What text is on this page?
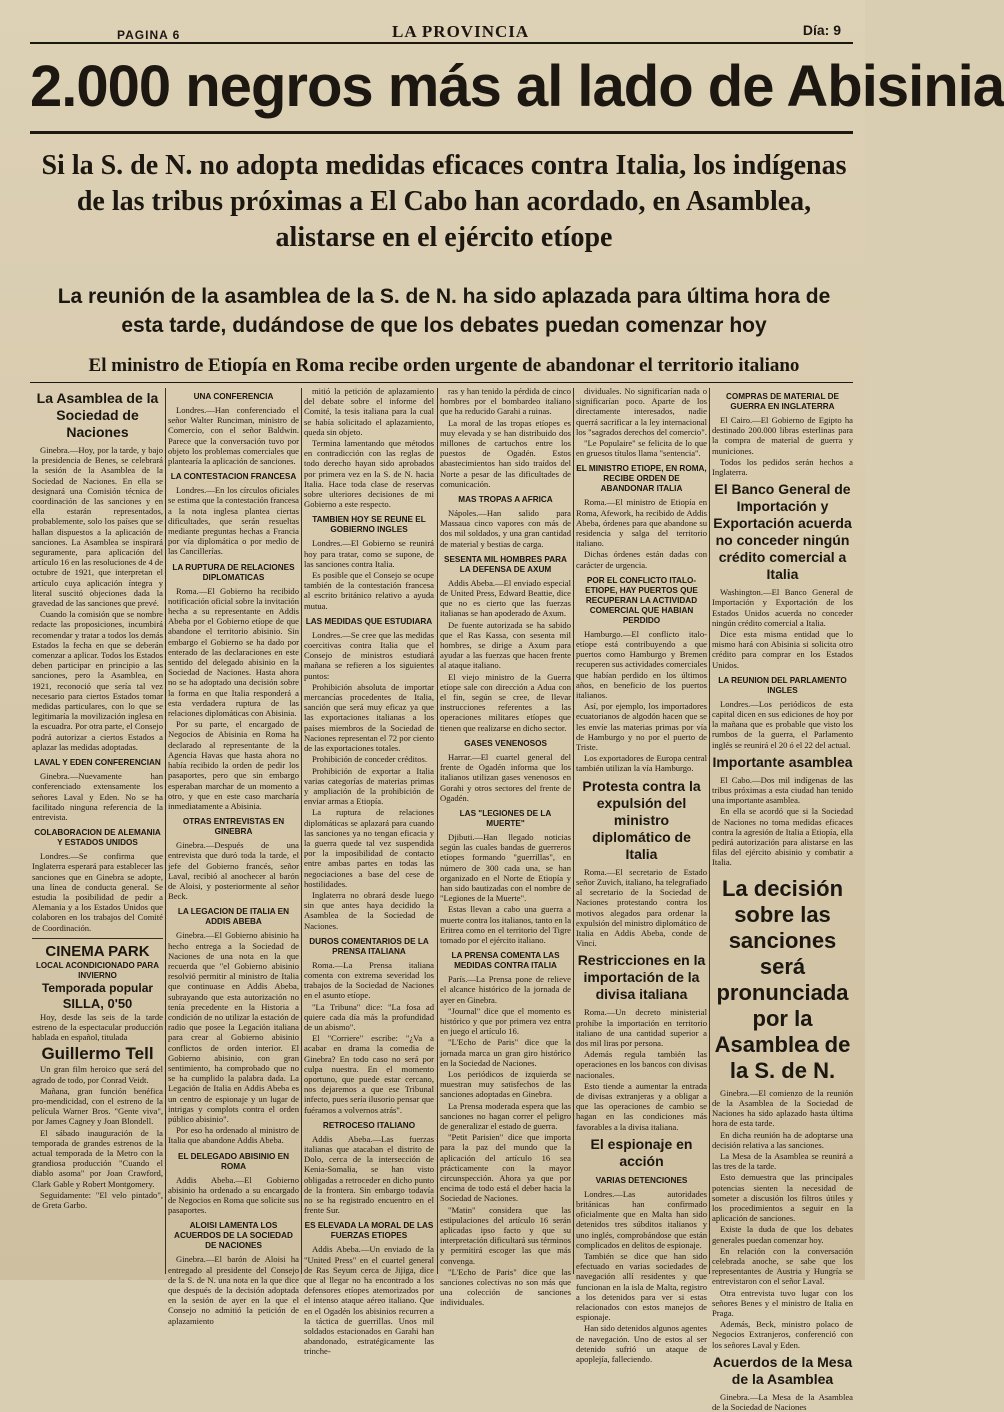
PAGINA 6	LA PROVINCIA	Día: 9
2.000 negros más al lado de Abisinia
Si la S. de N. no adopta medidas eficaces contra Italia, los indígenas de las tribus próximas a El Cabo han acordado, en Asamblea, alistarse en el ejército etíope
La reunión de la asamblea de la S. de N. ha sido aplazada para última hora de esta tarde, dudándose de que los debates puedan comenzar hoy
El ministro de Etiopía en Roma recibe orden urgente de abandonar el territorio italiano
La Asamblea de la Sociedad de Naciones

Ginebra.—Hoy, por la tarde, y bajo la presidencia de Benes, se celebrará la sesión de la Asamblea de la Sociedad de Naciones. En ella se designará una Comisión técnica de coordinación de las sanciones y en ella estarán representados, probablemente, solo los países que se hallan dispuestos a la aplicación de sanciones. La Asamblea se inspirará seguramente, para aplicación del artículo 16 en las resoluciones de 4 de octubre de 1921, que interpretan el artículo cuya aplicación íntegra y literal suscitó objeciones dada la gravedad de las sanciones que prevé.

Cuando la comisión que se nombre redacte las proposiciones, incumbirá recomendar y tratar a todos los demás Estados la fecha en que se deberán comenzar a aplicar. Todos los Estados deben participar en principio a las sanciones, pero la Asamblea, en 1921, reconoció que sería tal vez necesario para ciertos Estados tomar medidas particulares, con lo que se legitimaría la movilización inglesa en la escuadra. Por otra parte, el Consejo podrá autorizar a ciertos Estados a aplazar las medidas adoptadas.

LAVAL Y EDEN CONFERENCIAN

Ginebra.—Nuevamente han conferenciado extensamente los señores Laval y Eden. No se ha facilitado ninguna referencia de la entrevista.

COLABORACION DE ALEMANIA Y ESTADOS UNIDOS

Londres.—Se confirma que Inglaterra esperará para establecer las sanciones que en Ginebra se adopte, una línea de conducta general. Se estudia la posibilidad de pedir a Alemania y a los Estados Unidos que colaboren en los trabajos del Comité de Coordinación.

CINEMA PARK
LOCAL ACONDICIONADO PARA INVIERNO
Temporada popular
SILLA, 0'50

Hoy, desde las seis de la tarde estreno de la espectacular producción hablada en español, titulada

Guillermo Tell

Un gran film heroico que será del agrado de todo, por Conrad Veidt.

Mañana, gran función benéfica pro-mendicidad, con el estreno de la película Warner Bros. "Gente viva", por James Cagney y Joan Blondell.

El sábado inauguración de la temporada de grandes estrenos de la actual temporada de la Metro con la grandiosa producción "Cuando el diablo asoma" por Joan Crawford, Clark Gable y Robert Montgomery.

Seguidamente: "El velo pintado", de Greta Garbo.

UNA CONFERENCIA

Londres.—Han conferenciado el señor Walter Runciman, ministro de Comercio, con el señor Baldwin. Parece que la conversación tuvo por objeto los problemas comerciales que plantearía la aplicación de sanciones.

LA CONTESTACION FRANCESA

Londres.—En los círculos oficiales se estima que la contestación francesa a la nota inglesa plantea ciertas dificultades, que serán resueltas mediante preguntas hechas a Francia por vía diplomática o por medio de las Cancillerías.

LA RUPTURA DE RELACIONES DIPLOMATICAS

Roma.—El Gobierno ha recibido notificación oficial sobre la invitación hecha a su representante en Addis Abeba por el Gobierno etíope de que abandone el territorio abisinio. Sin embargo el Gobierno se ha dado por enterado de las declaraciones en este sentido del delegado abisinio en la Sociedad de Naciones. Hasta ahora no se ha adoptado una decisión sobre la forma en que Italia responderá a esta verdadera ruptura de las relaciones diplomáticas con Abisinia.

Por su parte, el encargado de Negocios de Abisinia en Roma ha declarado al representante de la Agencia Havas que hasta ahora no había recibido la orden de pedir los pasaportes, pero que sin embargo esperaban marchar de un momento a otro, y que en este caso marcharía inmediatamente a Abisinia.

OTRAS ENTREVISTAS EN GINEBRA

Ginebra.—Después de una entrevista que duró toda la tarde, el jefe del Gobierno francés, señor Laval, recibió al anochecer al barón de Aloisi, y posteriormente al señor Beck.

LA LEGACION DE ITALIA EN ADDIS ABEBA

Ginebra.—El Gobierno abisinio ha hecho entrega a la Sociedad de Naciones de una nota en la que recuerda que "el Gobierno abisinio resolvió permitir al ministro de Italia que continuase en Addis Abeba, subrayando que esta autorización no tenía precedente en la Historia a condición de no utilizar la estación de radio que posee la Legación italiana para crear al Gobierno abisinio conflictos de orden interior. El Gobierno abisinio, con gran sentimiento, ha comprobado que no se ha cumplido la palabra dada. La Legación de Italia en Addis Abeba es un centro de espionaje y un lugar de intrigas y complots contra el orden público abisinio".

Por eso ha ordenado al ministro de Italia que abandone Addis Abeba.

EL DELEGADO ABISINIO EN ROMA

Addis Abeba.—El Gobierno abisinio ha ordenado a su encargado de Negocios en Roma que solicite sus pasaportes.

ALOISI LAMENTA LOS ACUERDOS DE LA SOCIEDAD DE NACIONES

Ginebra.—El barón de Aloisi ha entregado al presidente del Consejo de la S. de N. una nota en la que dice que después de la decisión adoptada en la sesión de ayer en la que el Consejo no admitió la petición de aplazamiento

mitió la petición de aplazamiento del debate sobre el informe del Comité, la tesis italiana para la cual se había solicitado el aplazamiento, queda sin objeto.

Termina lamentando que métodos en contradicción con las reglas de todo derecho hayan sido aprobados por primera vez en la S. de N. hacia Italia. Hace toda clase de reservas sobre ulteriores decisiones de mi Gobierno a este respecto.

TAMBIEN HOY SE REUNE EL GOBIERNO INGLES

Londres.—El Gobierno se reunirá hoy para tratar, como se supone, de las sanciones contra Italia.

Es posible que el Consejo se ocupe también de la contestación francesa al escrito británico relativo a ayuda mutua.

LAS MEDIDAS QUE ESTUDIARA

Londres.—Se cree que las medidas coercitivas contra Italia que el Consejo de ministros estudiará mañana se refieren a los siguientes puntos:

Prohibición absoluta de importar mercancías procedentes de Italia, sanción que será muy eficaz ya que las exportaciones italianas a los países miembros de la Sociedad de Naciones representan el 72 por ciento de las exportaciones totales.

Prohibición de conceder créditos.

Prohibición de exportar a Italia varias categorías de materias primas y ampliación de la prohibición de enviar armas a Etiopía.

La ruptura de relaciones diplomáticas se aplazará para cuando las sanciones ya no tengan eficacia y la guerra quede tal vez suspendida por la imposibilidad de contacto entre ambas partes en todas las negociaciones a base del cese de hostilidades.

Inglaterra no obrará desde luego sin que antes haya decidido la Asamblea de la Sociedad de Naciones.

DUROS COMENTARIOS DE LA PRENSA ITALIANA

Roma.—La Prensa italiana comenta con extrema severidad los trabajos de la Sociedad de Naciones en el asunto etíope.

"La Tribuna" dice: "La fosa ad quiere cada día más la profundidad de un abismo".

El "Corriere" escribe: "¿Va a acabar en drama la comedia de Ginebra? En todo caso no será por culpa nuestra. En el momento oportuno, que puede estar cercano, nos dejaremos a que ese Tribunal infecto, pues sería ilusorio pensar que fuéramos a volvernos atrás".

RETROCESO ITALIANO

Addis Abeba.—Las fuerzas italianas que atacaban el distrito de Dolo, cerca de la intersección de Kenia-Somalia, se han visto obligadas a retroceder en dicho punto de la frontera. Sin embargo todavía no se ha registrado encuentro en el frente Sur.

ES ELEVADA LA MORAL DE LAS FUERZAS ETIOPES

Addis Abeba.—Un enviado de la "United Press" en el cuartel general de Ras Seyum cerca de Jijiga, dice que al llegar no ha encontrado a los defensores etíopes atemorizados por el intenso ataque aéreo italiano. Que en el Ogadén los abisinios recurren a la táctica de guerrillas. Unos mil soldados estacionados en Garahi han abandonado, estratégicamente las trinche-

ras y han tenido la pérdida de cinco hombres por el bombardeo italiano que ha reducido Garahi a ruinas.

La moral de las tropas etíopes es muy elevada y se han distribuido dos millones de cartuchos entre los puestos de Ogadén. Estos abastecimientos han sido traídos del Norte a pesar de las dificultades de comunicación.

MAS TROPAS A AFRICA

Nápoles.—Han salido para Massaua cinco vapores con más de dos mil soldados, y una gran cantidad de material y bestias de carga.

SESENTA MIL HOMBRES PARA LA DEFENSA DE AXUM

Addis Abeba.—El enviado especial de United Press, Edward Beattie, dice que no es cierto que las fuerzas italianas se han apoderado de Axum.

De fuente autorizada se ha sabido que el Ras Kassa, con sesenta mil hombres, se dirige a Axum para ayudar a las fuerzas que hacen frente al ataque italiano.

El viejo ministro de la Guerra etíope sale con dirección a Adua con el fin, según se cree, de llevar instrucciones referentes a las operaciones militares etíopes que tienen que realizarse en dicho sector.

GASES VENENOSOS

Harrar.—El cuartel general del frente de Ogadén informa que los italianos utilizan gases venenosos en Gorahi y otros sectores del frente de Ogadén.

LAS "LEGIONES DE LA MUERTE"

Djibuti.—Han llegado noticias según las cuales bandas de guerreros etíopes formando "guerrillas", en número de 300 cada una, se han organizado en el Norte de Etiopía y han sido bautizadas con el nombre de "Legiones de la Muerte".

Estas llevan a cabo una guerra a muerte contra los italianos, tanto en la Eritrea como en el territorio del Tigre tomado por el ejército italiano.

LA PRENSA COMENTA LAS MEDIDAS CONTRA ITALIA

París.—La Prensa pone de relieve el alcance histórico de la jornada de ayer en Ginebra.

"Journal" dice que el momento es histórico y que por primera vez entra en juego el artículo 16.

"L'Echo de Paris" dice que la jornada marca un gran giro histórico en la Sociedad de Naciones.

Los periódicos de izquierda se muestran muy satisfechos de las sanciones adoptadas en Ginebra.

La Prensa moderada espera que las sanciones no hagan correr el peligro de generalizar el estado de guerra.

"Petit Parisien" dice que importa para la paz del mundo que la aplicación del artículo 16 sea prácticamente con la mayor circunspección. Ahora ya que por encima de todo está el deber hacia la Sociedad de Naciones.

"Matin" considera que las estipulaciones del artículo 16 serán aplicadas ipso facto y que su interpretación dificultará sus términos y permitirá escoger las que más convenga.

"L'Echo de Paris" dice que las sanciones colectivas no son más que una colección de sanciones individuales.

dividuales. No significarían nada o significarían poco. Aparte de los directamente interesados, nadie querrá sacrificar a la ley internacional los "sagrados derechos del comercio".

"Le Populaire" se felicita de lo que en gruesos títulos llama "sentencia".

EL MINISTRO ETIOPE, EN ROMA, RECIBE ORDEN DE ABANDONAR ITALIA

Roma.—El ministro de Etiopía en Roma, Afework, ha recibido de Addis Abeba, órdenes para que abandone su residencia y salga del territorio italiano.

Dichas órdenes están dadas con carácter de urgencia.

POR EL CONFLICTO ITALO-ETIOPE, HAY PUERTOS QUE RECUPERAN LA ACTIVIDAD COMERCIAL QUE HABIAN PERDIDO

Hamburgo.—El conflicto italo-etíope está contribuyendo a que puertos como Hamburgo y Bremen recuperen sus actividades comerciales que habían perdido en los últimos años, en beneficio de los puertos italianos.

Así, por ejemplo, los importadores ecuatorianos de algodón hacen que se les envíe las materias primas por vía de Hamburgo y no por el puerto de Triste.

Los exportadores de Europa central también utilizan la vía Hamburgo.

Protesta contra la expulsión del ministro diplomático de Italia

Roma.—El secretario de Estado señor Zuvich, italiano, ha telegrafiado al secretario de la Sociedad de Naciones protestando contra los motivos alegados para ordenar la expulsión del ministro diplomático de Italia en Addis Abeba, conde de Vinci.

Restricciones en la importación de la divisa italiana

Roma.—Un decreto ministerial prohíbe la importación en territorio italiano de una cantidad superior a dos mil liras por persona.

Además regula también las operaciones en los bancos con divisas nacionales.

Esto tiende a aumentar la entrada de divisas extranjeras y a obligar a que las operaciones de cambio se hagan en las condiciones más favorables a la divisa italiana.

El espionaje en acción
VARIAS DETENCIONES

Londres.—Las autoridades británicas han confirmado oficialmente que en Malta han sido detenidos tres súbditos italianos y uno inglés, comprobándose que están complicados en delitos de espionaje.

También se dice que han sido efectuado en varias sociedades de navegación allí residentes y que funcionan en la isla de Malta, registro a los detenidos para ver si estas relacionados con estos manejos de espionaje.

Han sido detenidos algunos agentes de navegación. Uno de estos al ser detenido sufrió un ataque de apoplejía, falleciendo.

COMPRAS DE MATERIAL DE GUERRA EN INGLATERRA

El Cairo.—El Gobierno de Egipto ha destinado 200.000 libras esterlinas para la compra de material de guerra y municiones.

Todos los pedidos serán hechos a Inglaterra.

El Banco General de Importación y Exportación acuerda no conceder ningún crédito comercial a Italia

Washington.—El Banco General de Importación y Exportación de los Estados Unidos acuerda no conceder ningún crédito comercial a Italia.

Dice esta misma entidad que lo mismo hará con Abisinia si solicita otro crédito para comprar en los Estados Unidos.

LA REUNION DEL PARLAMENTO INGLES

Londres.—Los periódicos de esta capital dicen en sus ediciones de hoy por la mañana que es probable que visto los rumbos de la guerra, el Parlamento inglés se reunirá el 20 ó el 22 del actual.

Importante asamblea

El Cabo.—Dos mil indígenas de las tribus próximas a esta ciudad han tenido una importante asamblea.

En ella se acordó que si la Sociedad de Naciones no toma medidas eficaces contra la agresión de Italia a Etiopía, ella pedirá autorización para alistarse en las filas del ejército abisinio y combatir a Italia.

La decisión sobre las sanciones será pronunciada por la Asamblea de la S. de N.

Ginebra.—El comienzo de la reunión de la Asamblea de la Sociedad de Naciones ha sido aplazado hasta última hora de esta tarde.

En dicha reunión ha de adoptarse una decisión relativa a las sanciones.

La Mesa de la Asamblea se reunirá a las tres de la tarde.

Esto demuestra que las principales potencias sienten la necesidad de someter a discusión los filtros útiles y los procedimientos a seguir en la aplicación de sanciones.

Existe la duda de que los debates generales puedan comenzar hoy.

En relación con la conversación celebrada anoche, se sabe que los representantes de Austria y Hungría se entrevistaron con el señor Laval.

Otra entrevista tuvo lugar con los señores Benes y el ministro de Italia en Praga.

Además, Beck, ministro polaco de Negocios Extranjeros, conferenció con los señores Laval y Eden.

Acuerdos de la Mesa de la Asamblea

Ginebra.—La Mesa de la Asamblea de la Sociedad de Naciones
